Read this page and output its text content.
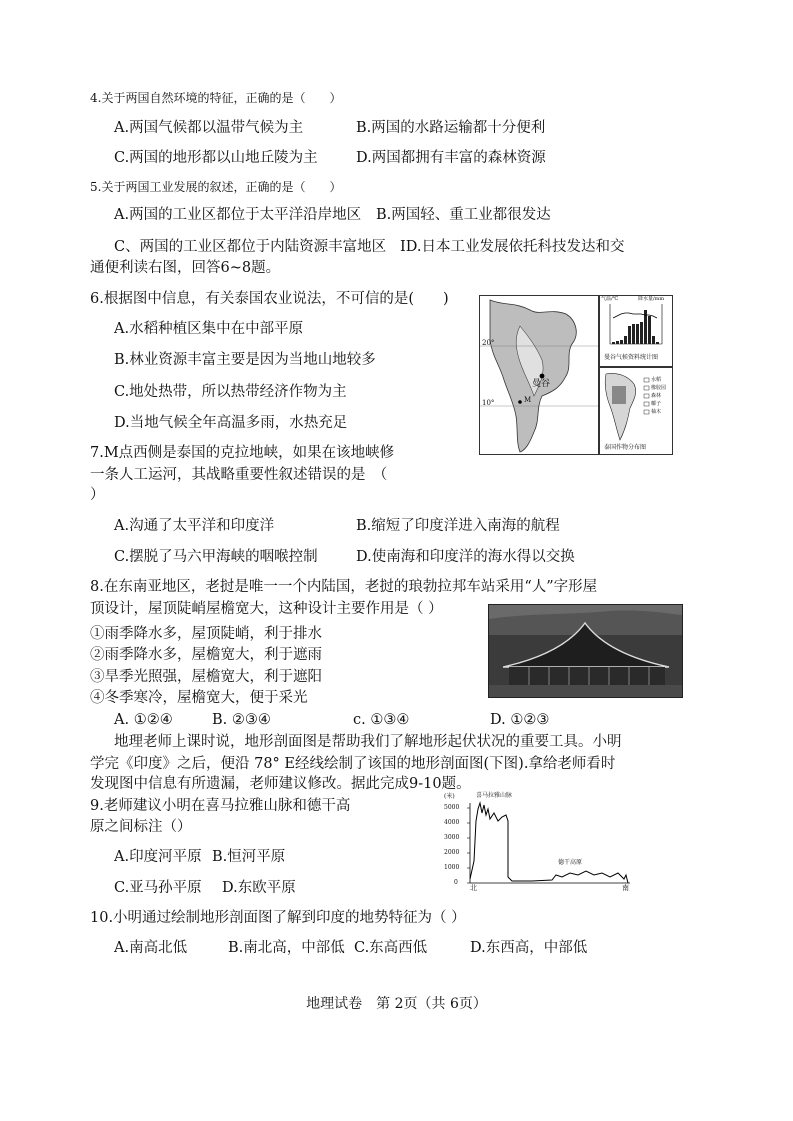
4.关于两国自然环境的特征，正确的是（　　）
A.两国气候都以温带气候为主	B.两国的水路运输都十分便利
C.两国的地形都以山地丘陵为主	D.两国都拥有丰富的森林资源
5.关于两国工业发展的叙述，正确的是（　　）
A.两国的工业区都位于太平洋沿岸地区 B.两国轻、重工业都很发达
C、两国的工业区都位于内陆资源丰富地区 ID.日本工业发展依托科技发达和交
通便利读右图，回答6~8题。
6.根据图中信息，有关泰国农业说法，不可信的是(　　)
A.水稻种植区集中在中部平原
B.林业资源丰富主要是因为当地山地较多
C.地处热带，所以热带经济作物为主
D.当地气候全年高温多雨，水热充足
7.M点西侧是泰国的克拉地峡，如果在该地峡修
一条人工运河，其战略重要性叙述错误的是　（
）
A.沟通了太平洋和印度洋	B.缩短了印度洋进入南海的航程
C.摆脱了马六甲海峡的咽喉控制	D.使南海和印度洋的海水得以交换
8.在东南亚地区，老挝是唯一一个内陆国，老挝的琅勃拉邦车站采用“人”字形屋
顶设计，屋顶陡峭屋檐宽大，这种设计主要作用是（ ）
①雨季降水多，屋顶陡峭，利于排水
②雨季降水多，屋檐宽大，利于遮雨
③旱季光照强，屋檐宽大，利于遮阳
④冬季寒冷，屋檐宽大，便于采光
A. ①②④	B. ②③④	c. ①③④	D. ①②③
地理老师上课时说，地形剖面图是帮助我们了解地形起伏状况的重要工具。小明
学完《印度》之后，便沿 78° E经线绘制了该国的地形剖面图(下图).拿给老师看时
发现图中信息有所遗漏，老师建议修改。据此完成9-10题。
9.老师建议小明在喜马拉雅山脉和德干高
原之间标注（）
A.印度河平原 B.恒河平原
C.亚马孙平原 D.东欧平原
10.小明通过绘制地形剖面图了解到印度的地势特征为（ ）
A.南高北低	B.南北高，中部低 C.东高西低	D.东西高，中部低
20°
10°
曼谷
M
气温/℃	降水量/mm
曼谷气候资料统计图
水稻
橡胶园
森林
椰子
柚木
泰国作物分布图
(米)	喜马拉雅山脉
德干高原
5000
4000
3000
2000
1000
0
北	南
地理试卷　第 2页（共 6页）
